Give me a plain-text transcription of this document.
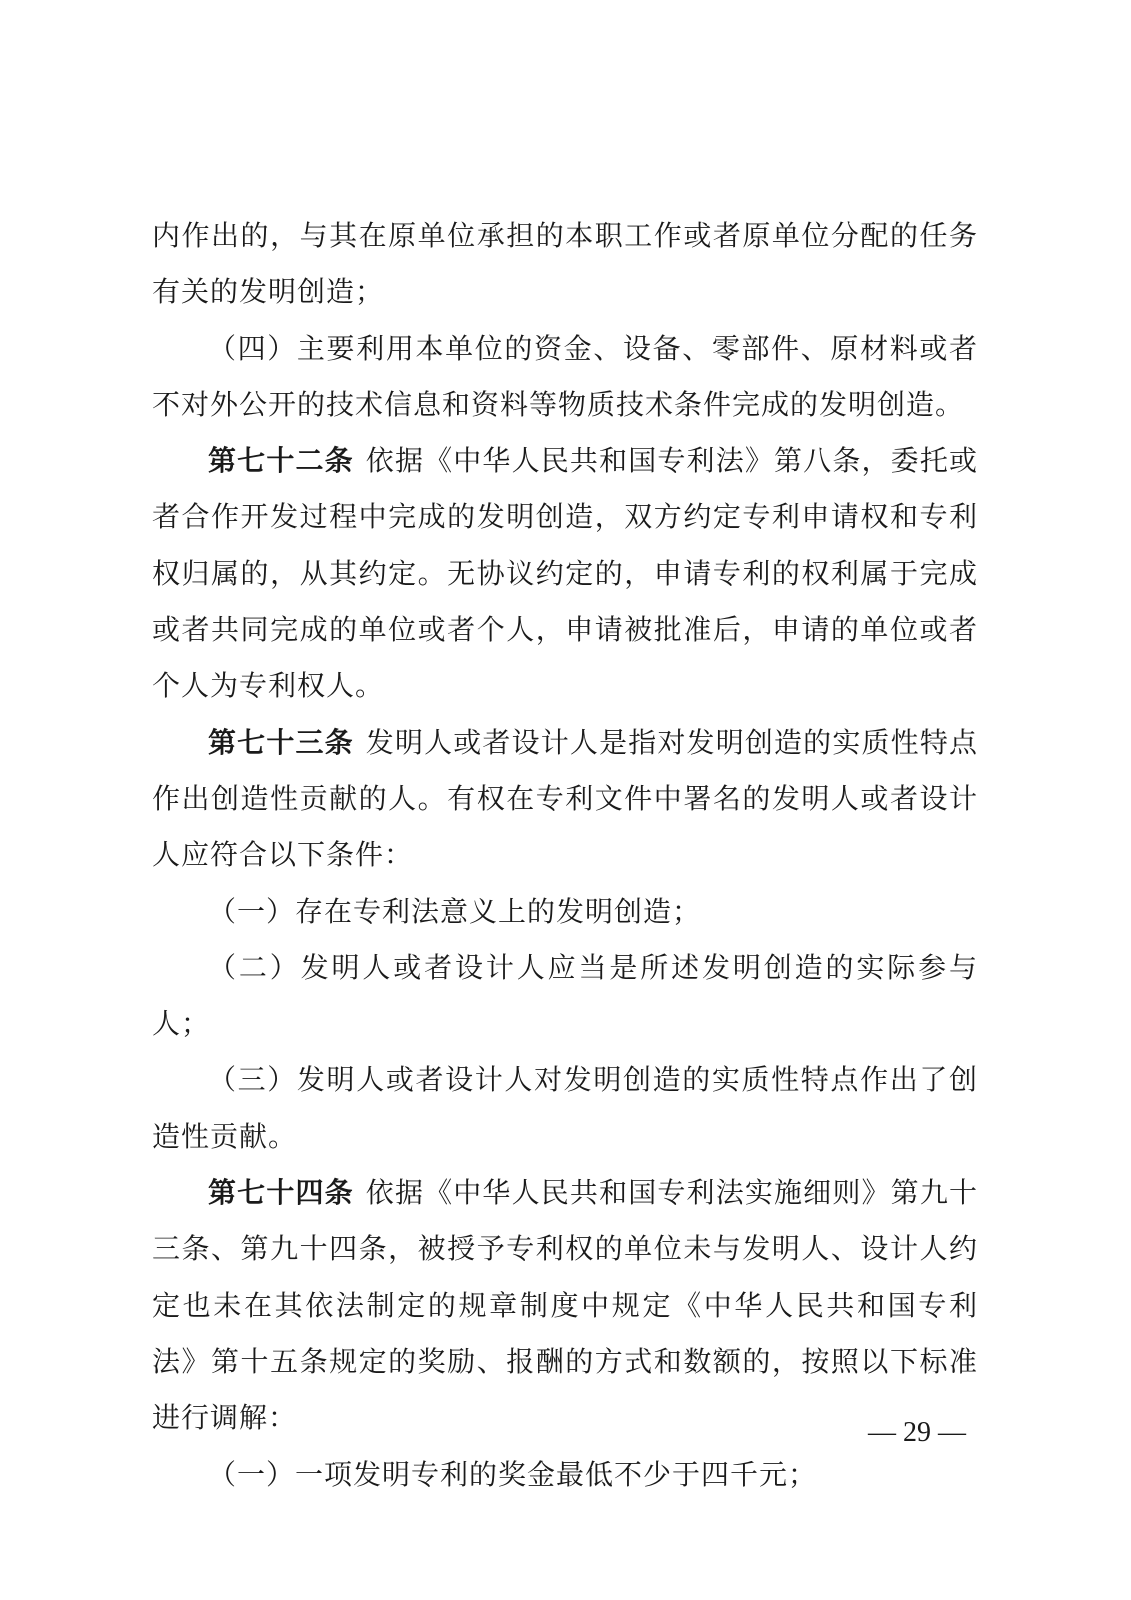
内作出的，与其在原单位承担的本职工作或者原单位分配的任务有关的发明创造；

（四）主要利用本单位的资金、设备、零部件、原材料或者不对外公开的技术信息和资料等物质技术条件完成的发明创造。

第七十二条 依据《中华人民共和国专利法》第八条，委托或者合作开发过程中完成的发明创造，双方约定专利申请权和专利权归属的，从其约定。无协议约定的，申请专利的权利属于完成或者共同完成的单位或者个人，申请被批准后，申请的单位或者个人为专利权人。

第七十三条 发明人或者设计人是指对发明创造的实质性特点作出创造性贡献的人。有权在专利文件中署名的发明人或者设计人应符合以下条件：

（一）存在专利法意义上的发明创造；

（二）发明人或者设计人应当是所述发明创造的实际参与人；

（三）发明人或者设计人对发明创造的实质性特点作出了创造性贡献。

第七十四条 依据《中华人民共和国专利法实施细则》第九十三条、第九十四条，被授予专利权的单位未与发明人、设计人约定也未在其依法制定的规章制度中规定《中华人民共和国专利法》第十五条规定的奖励、报酬的方式和数额的，按照以下标准进行调解：

（一）一项发明专利的奖金最低不少于四千元；

— 29 —
